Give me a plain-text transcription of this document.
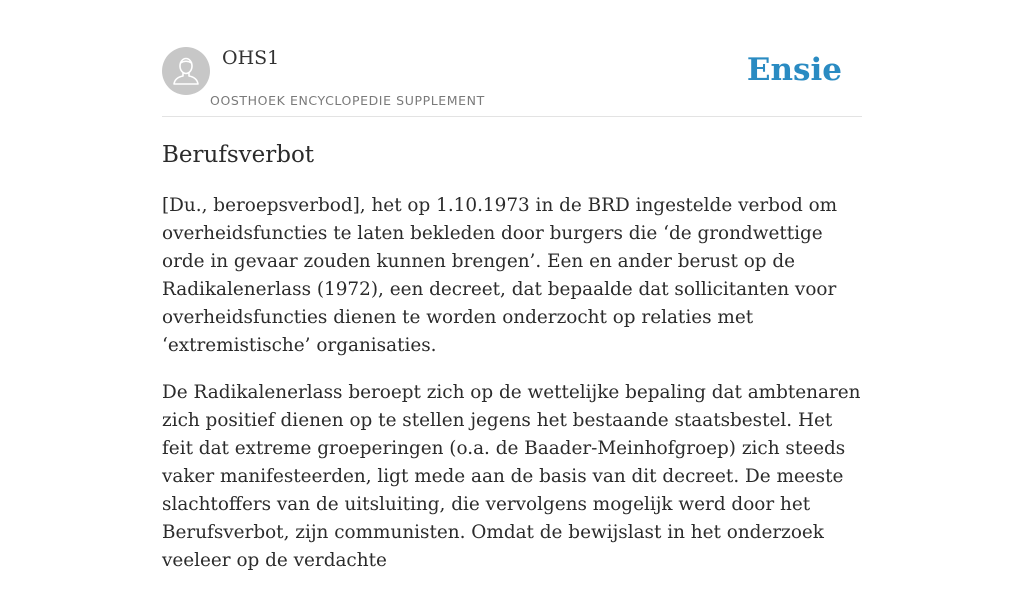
OHS1
OOSTHOEK ENCYCLOPEDIE SUPPLEMENT
Ensie
Berufsverbot

[Du., beroepsverbod], het op 1.10.1973 in de BRD ingestelde verbod om overheidsfuncties te laten bekleden door burgers die ‘de grondwettige orde in gevaar zouden kunnen brengen’. Een en ander berust op de Radikalenerlass (1972), een decreet, dat bepaalde dat sollicitanten voor overheidsfuncties dienen te worden onderzocht op relaties met ‘extremistische’ organisaties.

De Radikalenerlass beroept zich op de wettelijke bepaling dat ambtenaren zich positief dienen op te stellen jegens het bestaande staatsbestel. Het feit dat extreme groeperingen (o.a. de Baader-Meinhofgroep) zich steeds vaker manifesteerden, ligt mede aan de basis van dit decreet. De meeste slachtoffers van de uitsluiting, die vervolgens mogelijk werd door het Berufsverbot, zijn communisten. Omdat de bewijslast in het onderzoek veeleer op de verdachte
